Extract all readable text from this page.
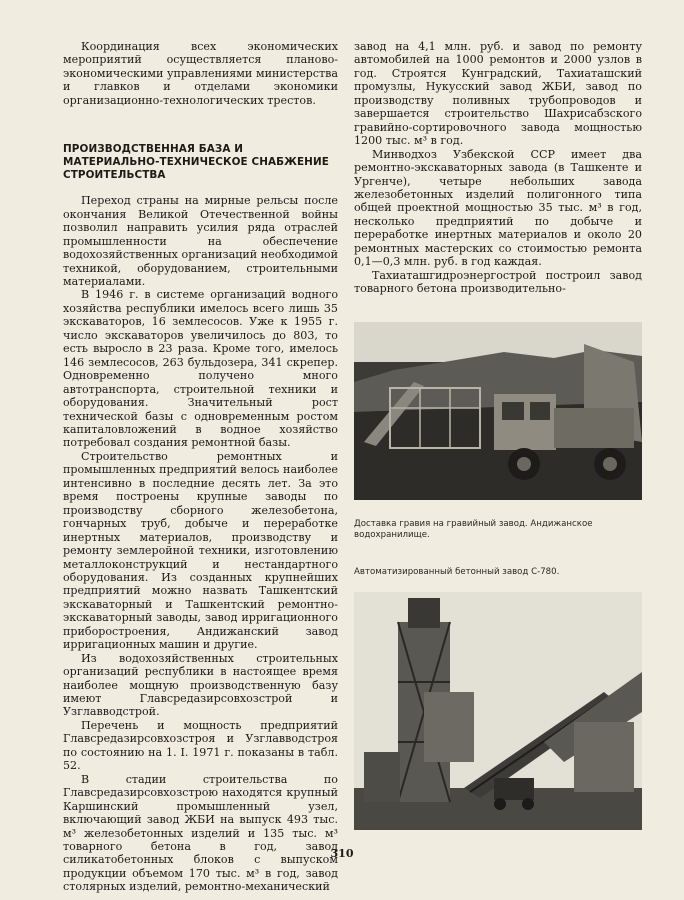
Координация всех экономических мероприятий осуществляется планово-экономическими управлениями министерства и главков и отделами экономики организационно-технологических трестов.

ПРОИЗВОДСТВЕННАЯ БАЗА И МАТЕРИАЛЬНО-ТЕХНИЧЕСКОЕ СНАБЖЕНИЕ СТРОИТЕЛЬСТВА

Переход страны на мирные рельсы после окончания Великой Отечественной войны позволил направить усилия ряда отраслей промышленности на обеспечение водохозяйственных организаций необходимой техникой, оборудованием, строительными материалами.

В 1946 г. в системе организаций водного хозяйства республики имелось всего лишь 35 экскаваторов, 16 землесосов. Уже к 1955 г. число экскаваторов увеличилось до 803, то есть выросло в 23 раза. Кроме того, имелось 146 землесосов, 263 бульдозера, 341 скрепер. Одновременно получено много автотранспорта, строительной техники и оборудования. Значительный рост технической базы с одновременным ростом капиталовложений в водное хозяйство потребовал создания ремонтной базы.

Строительство ремонтных и промышленных предприятий велось наиболее интенсивно в последние десять лет. За это время построены крупные заводы по производству сборного железобетона, гончарных труб, добыче и переработке инертных материалов, производству и ремонту землеройной техники, изготовлению металлоконструкций и нестандартного оборудования. Из созданных крупнейших предприятий можно назвать Ташкентский экскаваторный и Ташкентский ремонтно-экскаваторный заводы, завод ирригационного приборостроения, Андижанский завод ирригационных машин и другие.

Из водохозяйственных строительных организаций республики в настоящее время наиболее мощную производственную базу имеют Главсредазирсовхозстрой и Узглавводстрой.

Перечень и мощность предприятий Главсредазирсовхозстроя и Узглавводстроя по состоянию на 1. I. 1971 г. показаны в табл. 52.

В стадии строительства по Главсредазирсовхозстрою находятся крупный Каршинский промышленный узел, включающий завод ЖБИ на выпуск 493 тыс. м³ железобетонных изделий и 135 тыс. м³ товарного бетона в год, завод силикатобетонных блоков с выпуском продукции объемом 170 тыс. м³ в год, завод столярных изделий, ремонтно-механический

завод на 4,1 млн. руб. и завод по ремонту автомобилей на 1000 ремонтов и 2000 узлов в год. Строятся Кунградский, Тахиаташский промузлы, Нукусский завод ЖБИ, завод по производству поливных трубопроводов и завершается строительство Шахрисабзского гравийно-сортировочного завода мощностью 1200 тыс. м³ в год.

Минводхоз Узбекской ССР имеет два ремонтно-экскаваторных завода (в Ташкенте и Ургенче), четыре небольших завода железобетонных изделий полигонного типа общей проектной мощностью 35 тыс. м³ в год, несколько предприятий по добыче и переработке инертных материалов и около 20 ремонтных мастерских со стоимостью ремонта 0,1—0,3 млн. руб. в год каждая.

Тахиаташгидроэнергострой построил завод товарного бетона производительно-

Доставка гравия на гравийный завод. Андижанское водохранилище.
Автоматизированный бетонный завод С-780.
310
